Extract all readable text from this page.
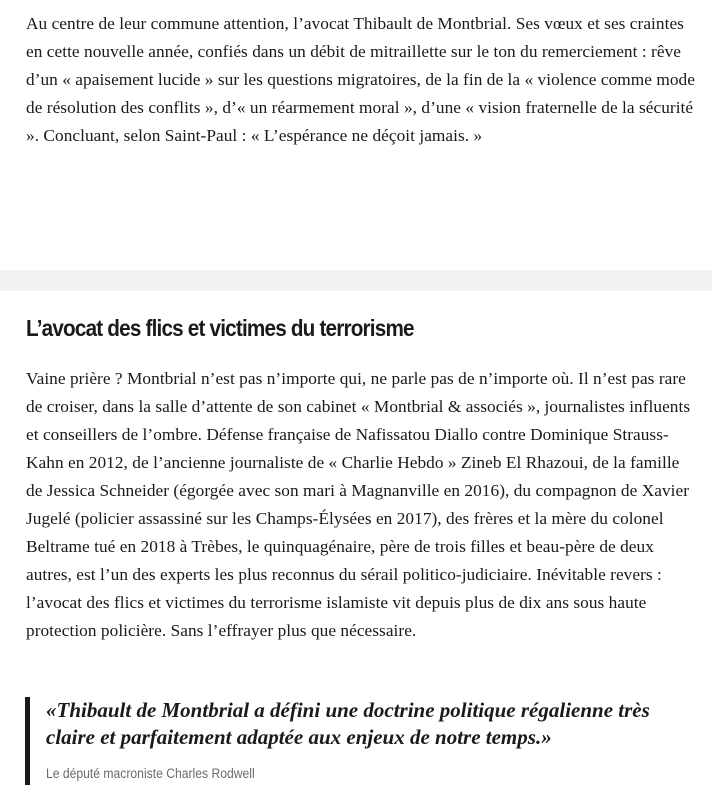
Au centre de leur commune attention, l’avocat Thibault de Montbrial. Ses vœux et ses craintes en cette nouvelle année, confiés dans un débit de mitraillette sur le ton du remerciement : rêve d’un « apaisement lucide » sur les questions migratoires, de la fin de la « violence comme mode de résolution des conflits », d’« un réarmement moral », d’une « vision fraternelle de la sécurité ». Concluant, selon Saint-Paul : « L’espérance ne déçoit jamais. »

L’avocat des flics et victimes du terrorisme

Vaine prière ? Montbrial n’est pas n’importe qui, ne parle pas de n’importe où. Il n’est pas rare de croiser, dans la salle d’attente de son cabinet « Montbrial & associés », journalistes influents et conseillers de l’ombre. Défense française de Nafissatou Diallo contre Dominique Strauss-Kahn en 2012, de l’ancienne journaliste de « Charlie Hebdo » Zineb El Rhazoui, de la famille de Jessica Schneider (égorgée avec son mari à Magnanville en 2016), du compagnon de Xavier Jugelé (policier assassiné sur les Champs-Élysées en 2017), des frères et la mère du colonel Beltrame tué en 2018 à Trèbes, le quinquagénaire, père de trois filles et beau-père de deux autres, est l’un des experts les plus reconnus du sérail politico-judiciaire. Inévitable revers : l’avocat des flics et victimes du terrorisme islamiste vit depuis plus de dix ans sous haute protection policière. Sans l’effrayer plus que nécessaire.

«Thibault de Montbrial a défini une doctrine politique régalienne très claire et parfaitement adaptée aux enjeux de notre temps.»

Le député macroniste Charles Rodwell
